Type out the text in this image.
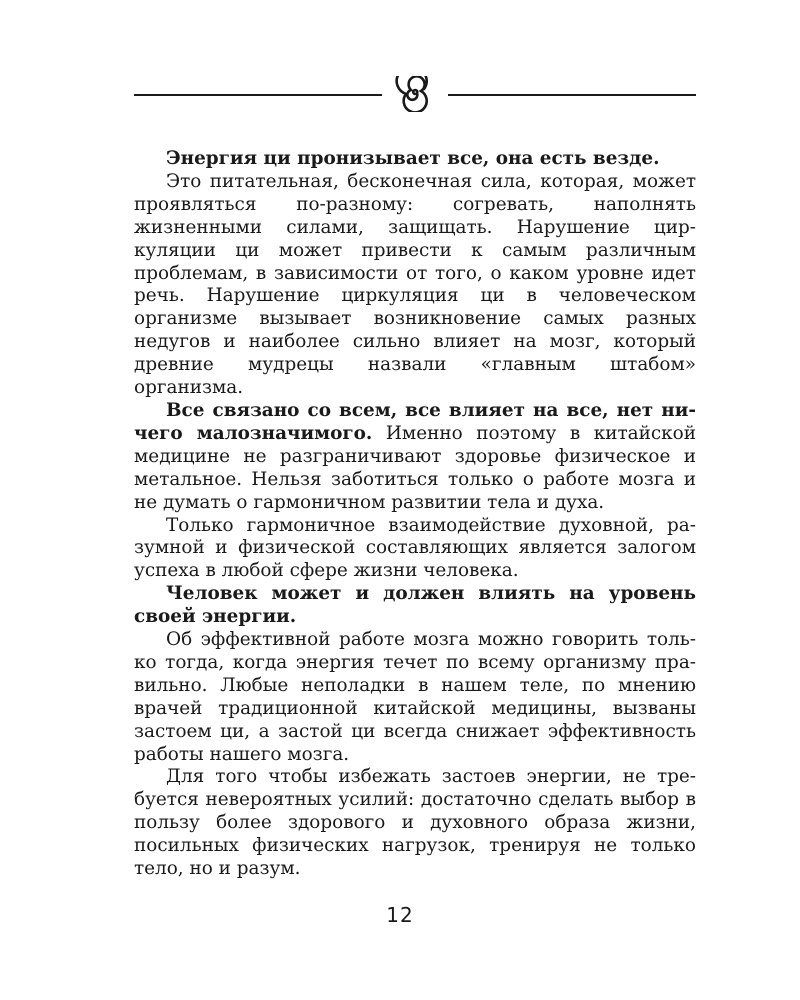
Энергия ци пронизывает все, она есть везде.

Это питательная, бесконечная сила, которая, может проявляться по-разному: согревать, наполнять жизненными силами, защищать. Нарушение циркуляции ци может привести к самым различным проблемам, в зависимости от того, о каком уровне идет речь. Нарушение циркуляция ци в человеческом организме вызывает возникновение самых разных недугов и наиболее сильно влияет на мозг, который древние мудрецы назвали «главным штабом» организма.

Все связано со всем, все влияет на все, нет ничего малозначимого. Именно поэтому в китайской медицине не разграничивают здоровье физическое и метальное. Нельзя заботиться только о работе мозга и не думать о гармоничном развитии тела и духа.

Только гармоничное взаимодействие духовной, разумной и физической составляющих является залогом успеха в любой сфере жизни человека.

Человек может и должен влиять на уровень своей энергии.

Об эффективной работе мозга можно говорить только тогда, когда энергия течет по всему организму правильно. Любые неполадки в нашем теле, по мнению врачей традиционной китайской медицины, вызваны застоем ци, а застой ци всегда снижает эффективность работы нашего мозга.

Для того чтобы избежать застоев энергии, не требуется невероятных усилий: достаточно сделать выбор в пользу более здорового и духовного образа жизни, посильных физических нагрузок, тренируя не только тело, но и разум.

12
